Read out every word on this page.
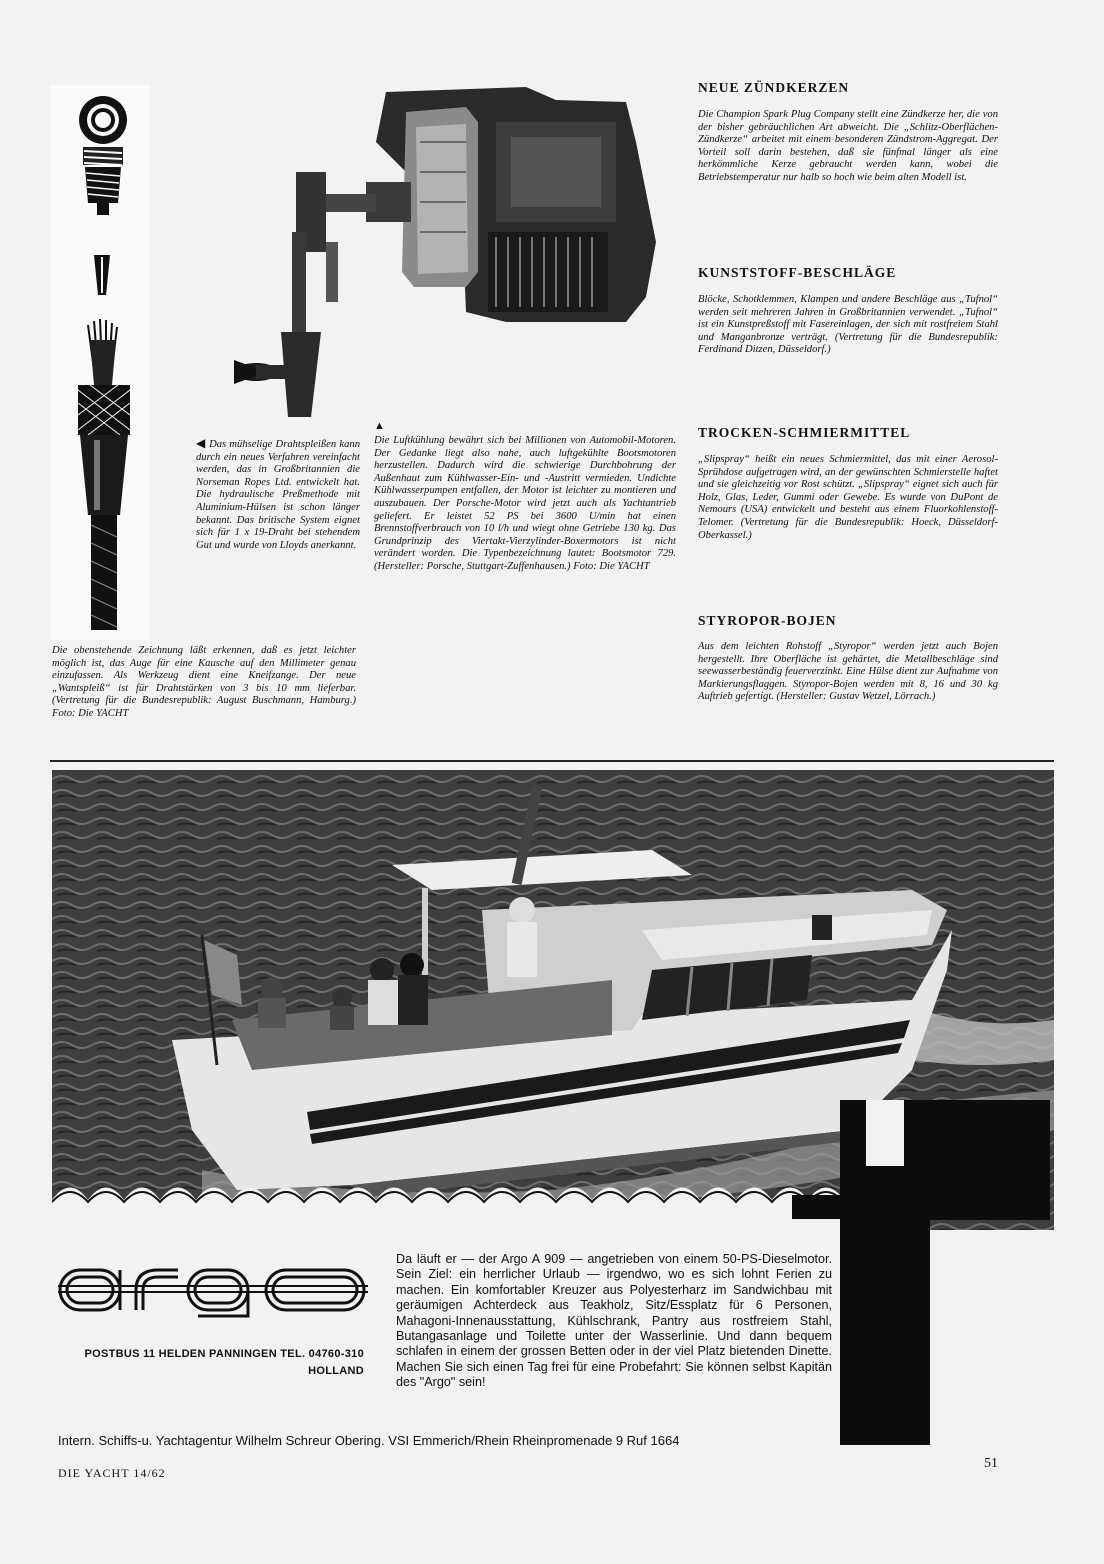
NEUE ZÜNDKERZEN

Die Champion Spark Plug Company stellt eine Zündkerze her, die von der bisher gebräuchlichen Art abweicht. Die „Schlitz-Oberflächen-Zündkerze“ arbeitet mit einem besonderen Zündstrom-Aggregat. Der Vorteil soll darin bestehen, daß sie fünfmal länger als eine herkömmliche Kerze gebraucht werden kann, wobei die Betriebstemperatur nur halb so hoch wie beim alten Modell ist.

KUNSTSTOFF-BESCHLÄGE

Blöcke, Schotklemmen, Klampen und andere Beschläge aus „Tufnol“ werden seit mehreren Jahren in Großbritannien verwendet. „Tufnol“ ist ein Kunstpreßstoff mit Fasereinlagen, der sich mit rostfreiem Stahl und Manganbronze verträgt. (Vertretung für die Bundesrepublik: Ferdinand Ditzen, Düsseldorf.)

TROCKEN-SCHMIERMITTEL

„Slipspray“ heißt ein neues Schmiermittel, das mit einer Aerosol-Sprühdose aufgetragen wird, an der gewünschten Schmierstelle haftet und sie gleichzeitig vor Rost schützt. „Slipspray“ eignet sich auch für Holz, Glas, Leder, Gummi oder Gewebe. Es wurde von DuPont de Nemours (USA) entwickelt und besteht aus einem Fluorkohlenstoff-Telomer. (Vertretung für die Bundesrepublik: Hoeck, Düsseldorf-Oberkassel.)

STYROPOR-BOJEN

Aus dem leichten Rohstoff „Styropor“ werden jetzt auch Bojen hergestellt. Ihre Oberfläche ist gehärtet, die Metallbeschläge sind seewasserbeständig feuerverzinkt. Eine Hülse dient zur Aufnahme von Markierungsflaggen. Styropor-Bojen werden mit 8, 16 und 30 kg Auftrieb gefertigt. (Hersteller: Gustav Wetzel, Lörrach.)

◀ Das mühselige Drahtspleißen kann durch ein neues Verfahren vereinfacht werden, das in Großbritannien die Norseman Ropes Ltd. entwickelt hat. Die hydraulische Preßmethode mit Aluminium-Hülsen ist schon länger bekannt. Das britische System eignet sich für 1 x 19-Draht bei stehendem Gut und wurde von Lloyds anerkannt.

Die obenstehende Zeichnung läßt erkennen, daß es jetzt leichter möglich ist, das Auge für eine Kausche auf den Millimeter genau einzufassen. Als Werkzeug dient eine Kneifzange. Der neue „Wantspleiß“ ist für Drahtstärken von 3 bis 10 mm lieferbar. (Vertretung für die Bundesrepublik: August Buschmann, Hamburg.) Foto: Die YACHT

▲

Die Luftkühlung bewährt sich bei Millionen von Automobil-Motoren. Der Gedanke liegt also nahe, auch luftgekühlte Bootsmotoren herzustellen. Dadurch wird die schwierige Durchbohrung der Außenhaut zum Kühlwasser-Ein- und -Austritt vermieden. Undichte Kühlwasserpumpen entfallen, der Motor ist leichter zu montieren und auszubauen. Der Porsche-Motor wird jetzt auch als Yachtantrieb geliefert. Er leistet 52 PS bei 3600 U/min hat einen Brennstoffverbrauch von 10 l/h und wiegt ohne Getriebe 130 kg. Das Grundprinzip des Viertakt-Vierzylinder-Boxermotors ist nicht verändert worden. Die Typenbezeichnung lautet: Bootsmotor 729. (Hersteller: Porsche, Stuttgart-Zuffenhausen.) Foto: Die YACHT

POSTBUS 11 HELDEN PANNINGEN TEL. 04760-310
HOLLAND

Da läuft er — der Argo A 909 — angetrieben von einem 50-PS-Dieselmotor. Sein Ziel: ein herrlicher Urlaub — irgendwo, wo es sich lohnt Ferien zu machen. Ein komfortabler Kreuzer aus Polyesterharz im Sandwichbau mit geräumigen Achterdeck aus Teakholz, Sitz/Essplatz für 6 Personen, Mahagoni-Innenausstattung, Kühlschrank, Pantry aus rostfreiem Stahl, Butangasanlage und Toilette unter der Wasserlinie. Und dann bequem schlafen in einem der grossen Betten oder in der viel Platz bietenden Dinette. Machen Sie sich einen Tag frei für eine Probefahrt: Sie können selbst Kapitän des "Argo" sein!

Intern. Schiffs-u. Yachtagentur Wilhelm Schreur Obering. VSI Emmerich/Rhein Rheinpromenade 9 Ruf 1664
DIE YACHT 14/62
51
